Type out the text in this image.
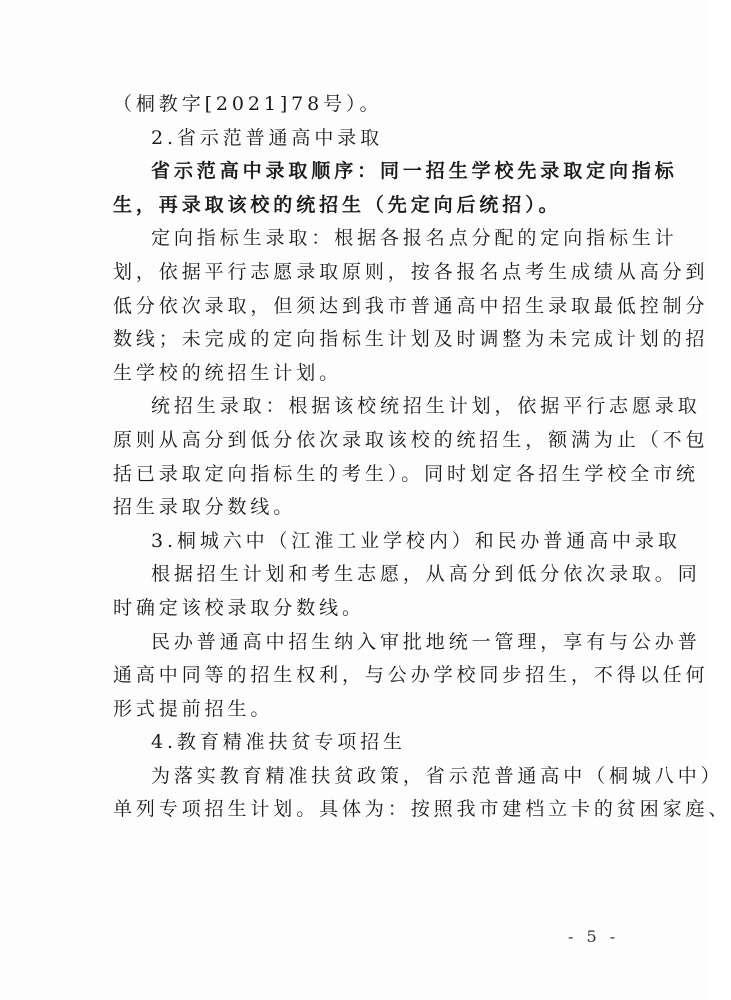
（桐教字[2021]78号）。
2.省示范普通高中录取
省示范高中录取顺序：同一招生学校先录取定向指标
生，再录取该校的统招生（先定向后统招）。
定向指标生录取：根据各报名点分配的定向指标生计
划，依据平行志愿录取原则，按各报名点考生成绩从高分到
低分依次录取，但须达到我市普通高中招生录取最低控制分
数线；未完成的定向指标生计划及时调整为未完成计划的招
生学校的统招生计划。
统招生录取：根据该校统招生计划，依据平行志愿录取
原则从高分到低分依次录取该校的统招生，额满为止（不包
括已录取定向指标生的考生）。同时划定各招生学校全市统
招生录取分数线。
3.桐城六中（江淮工业学校内）和民办普通高中录取
根据招生计划和考生志愿，从高分到低分依次录取。同
时确定该校录取分数线。
民办普通高中招生纳入审批地统一管理，享有与公办普
通高中同等的招生权利，与公办学校同步招生，不得以任何
形式提前招生。
4.教育精准扶贫专项招生
为落实教育精准扶贫政策，省示范普通高中（桐城八中）
单列专项招生计划。具体为：按照我市建档立卡的贫困家庭、
- 5 -
